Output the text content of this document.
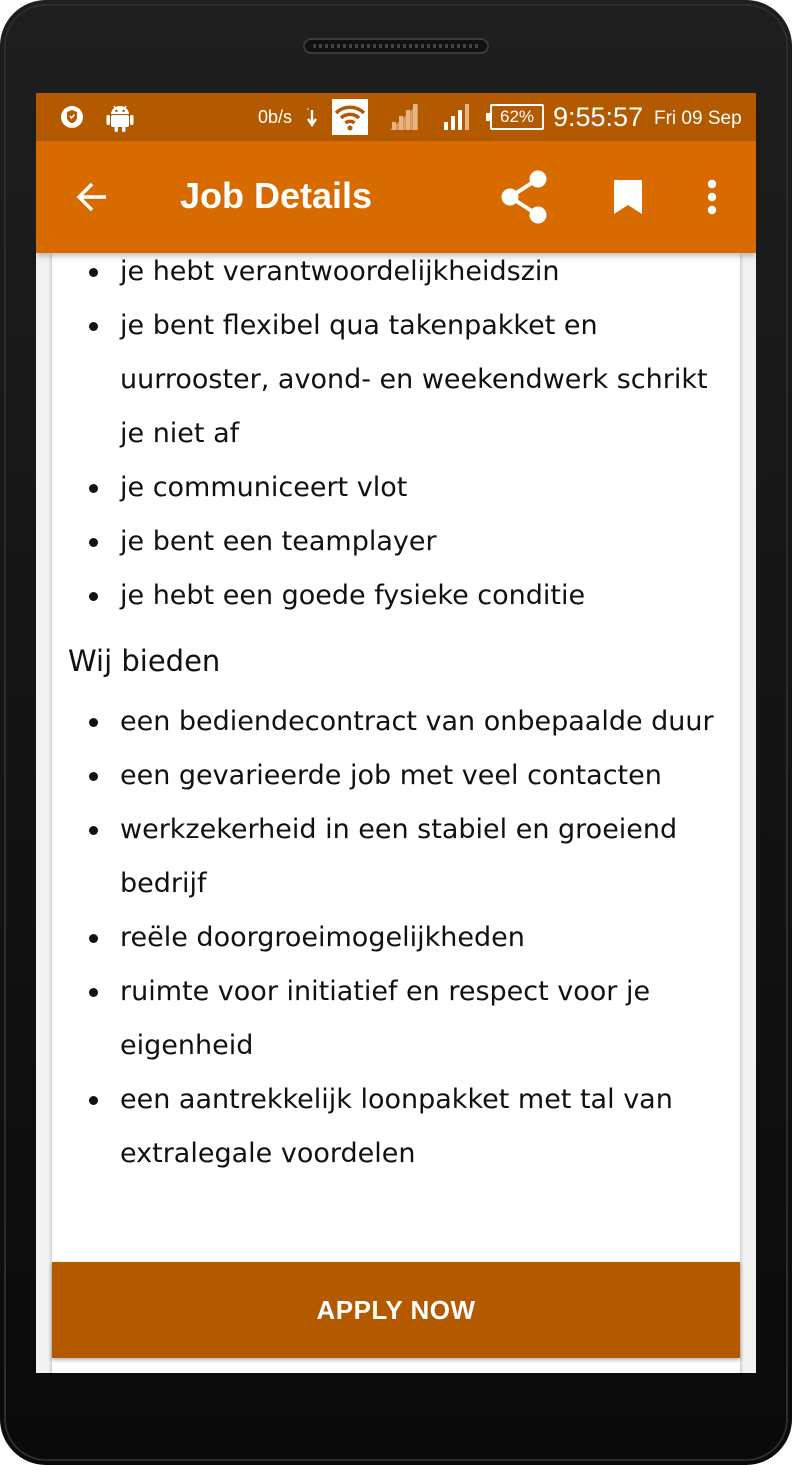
0b/s	62% 9:55:57 Fri 09 Sep
Job Details
je hebt verantwoordelijkheidszin
je bent flexibel qua takenpakket en uurrooster, avond- en weekendwerk schrikt je niet af
je communiceert vlot
je bent een teamplayer
je hebt een goede fysieke conditie
Wij bieden
een bediendecontract van onbepaalde duur
een gevarieerde job met veel contacten
werkzekerheid in een stabiel en groeiend bedrijf
reële doorgroeimogelijkheden
ruimte voor initiatief en respect voor je eigenheid
een aantrekkelijk loonpakket met tal van extralegale voordelen
APPLY NOW
